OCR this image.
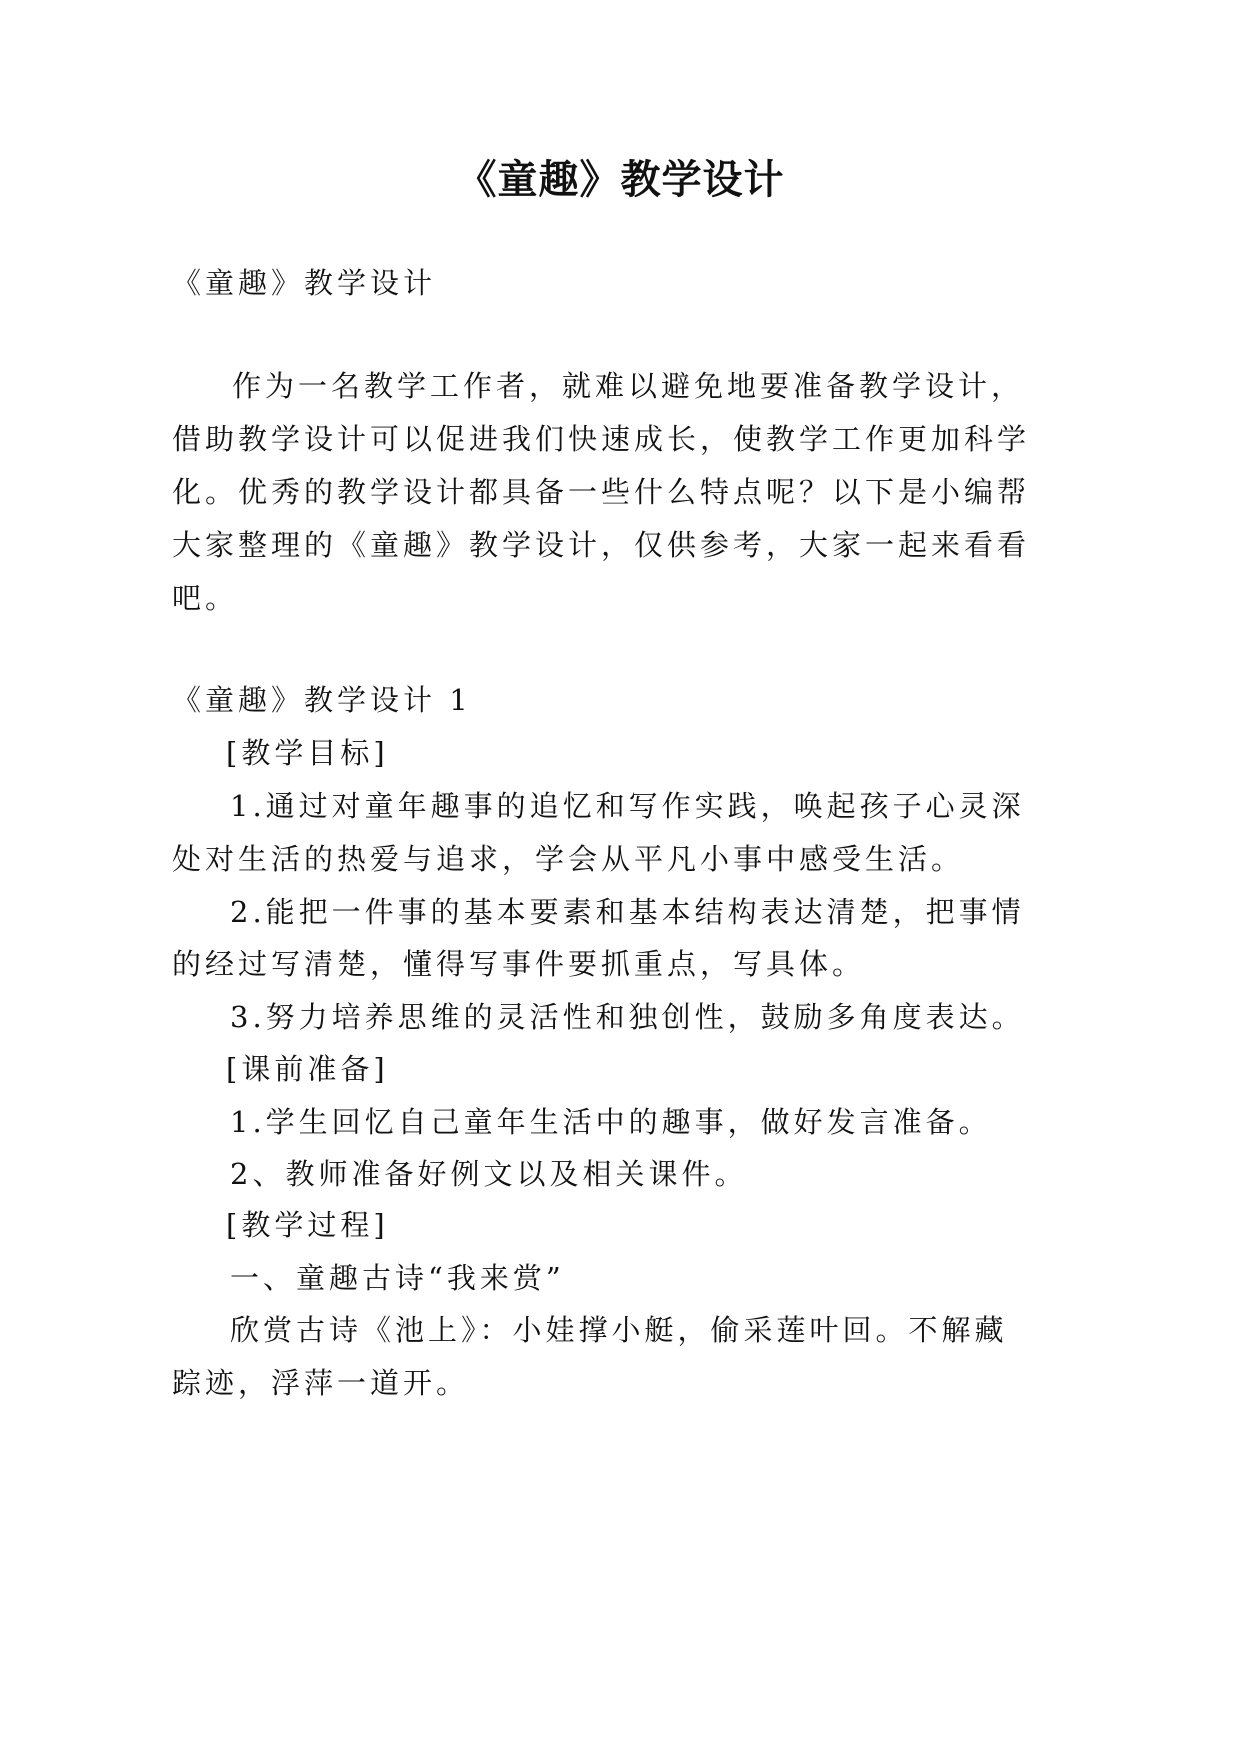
《童趣》教学设计
《童趣》教学设计
作为一名教学工作者，就难以避免地要准备教学设计，
借助教学设计可以促进我们快速成长，使教学工作更加科学
化。优秀的教学设计都具备一些什么特点呢？以下是小编帮
大家整理的《童趣》教学设计，仅供参考，大家一起来看看
吧。
《童趣》教学设计 1
[教学目标]
1.通过对童年趣事的追忆和写作实践，唤起孩子心灵深
处对生活的热爱与追求，学会从平凡小事中感受生活。
2.能把一件事的基本要素和基本结构表达清楚，把事情
的经过写清楚，懂得写事件要抓重点，写具体。
3.努力培养思维的灵活性和独创性，鼓励多角度表达。
[课前准备]
1.学生回忆自己童年生活中的趣事，做好发言准备。
2、教师准备好例文以及相关课件。
[教学过程]
一、童趣古诗“我来赏”
欣赏古诗《池上》：小娃撑小艇，偷采莲叶回。不解藏
踪迹，浮萍一道开。
